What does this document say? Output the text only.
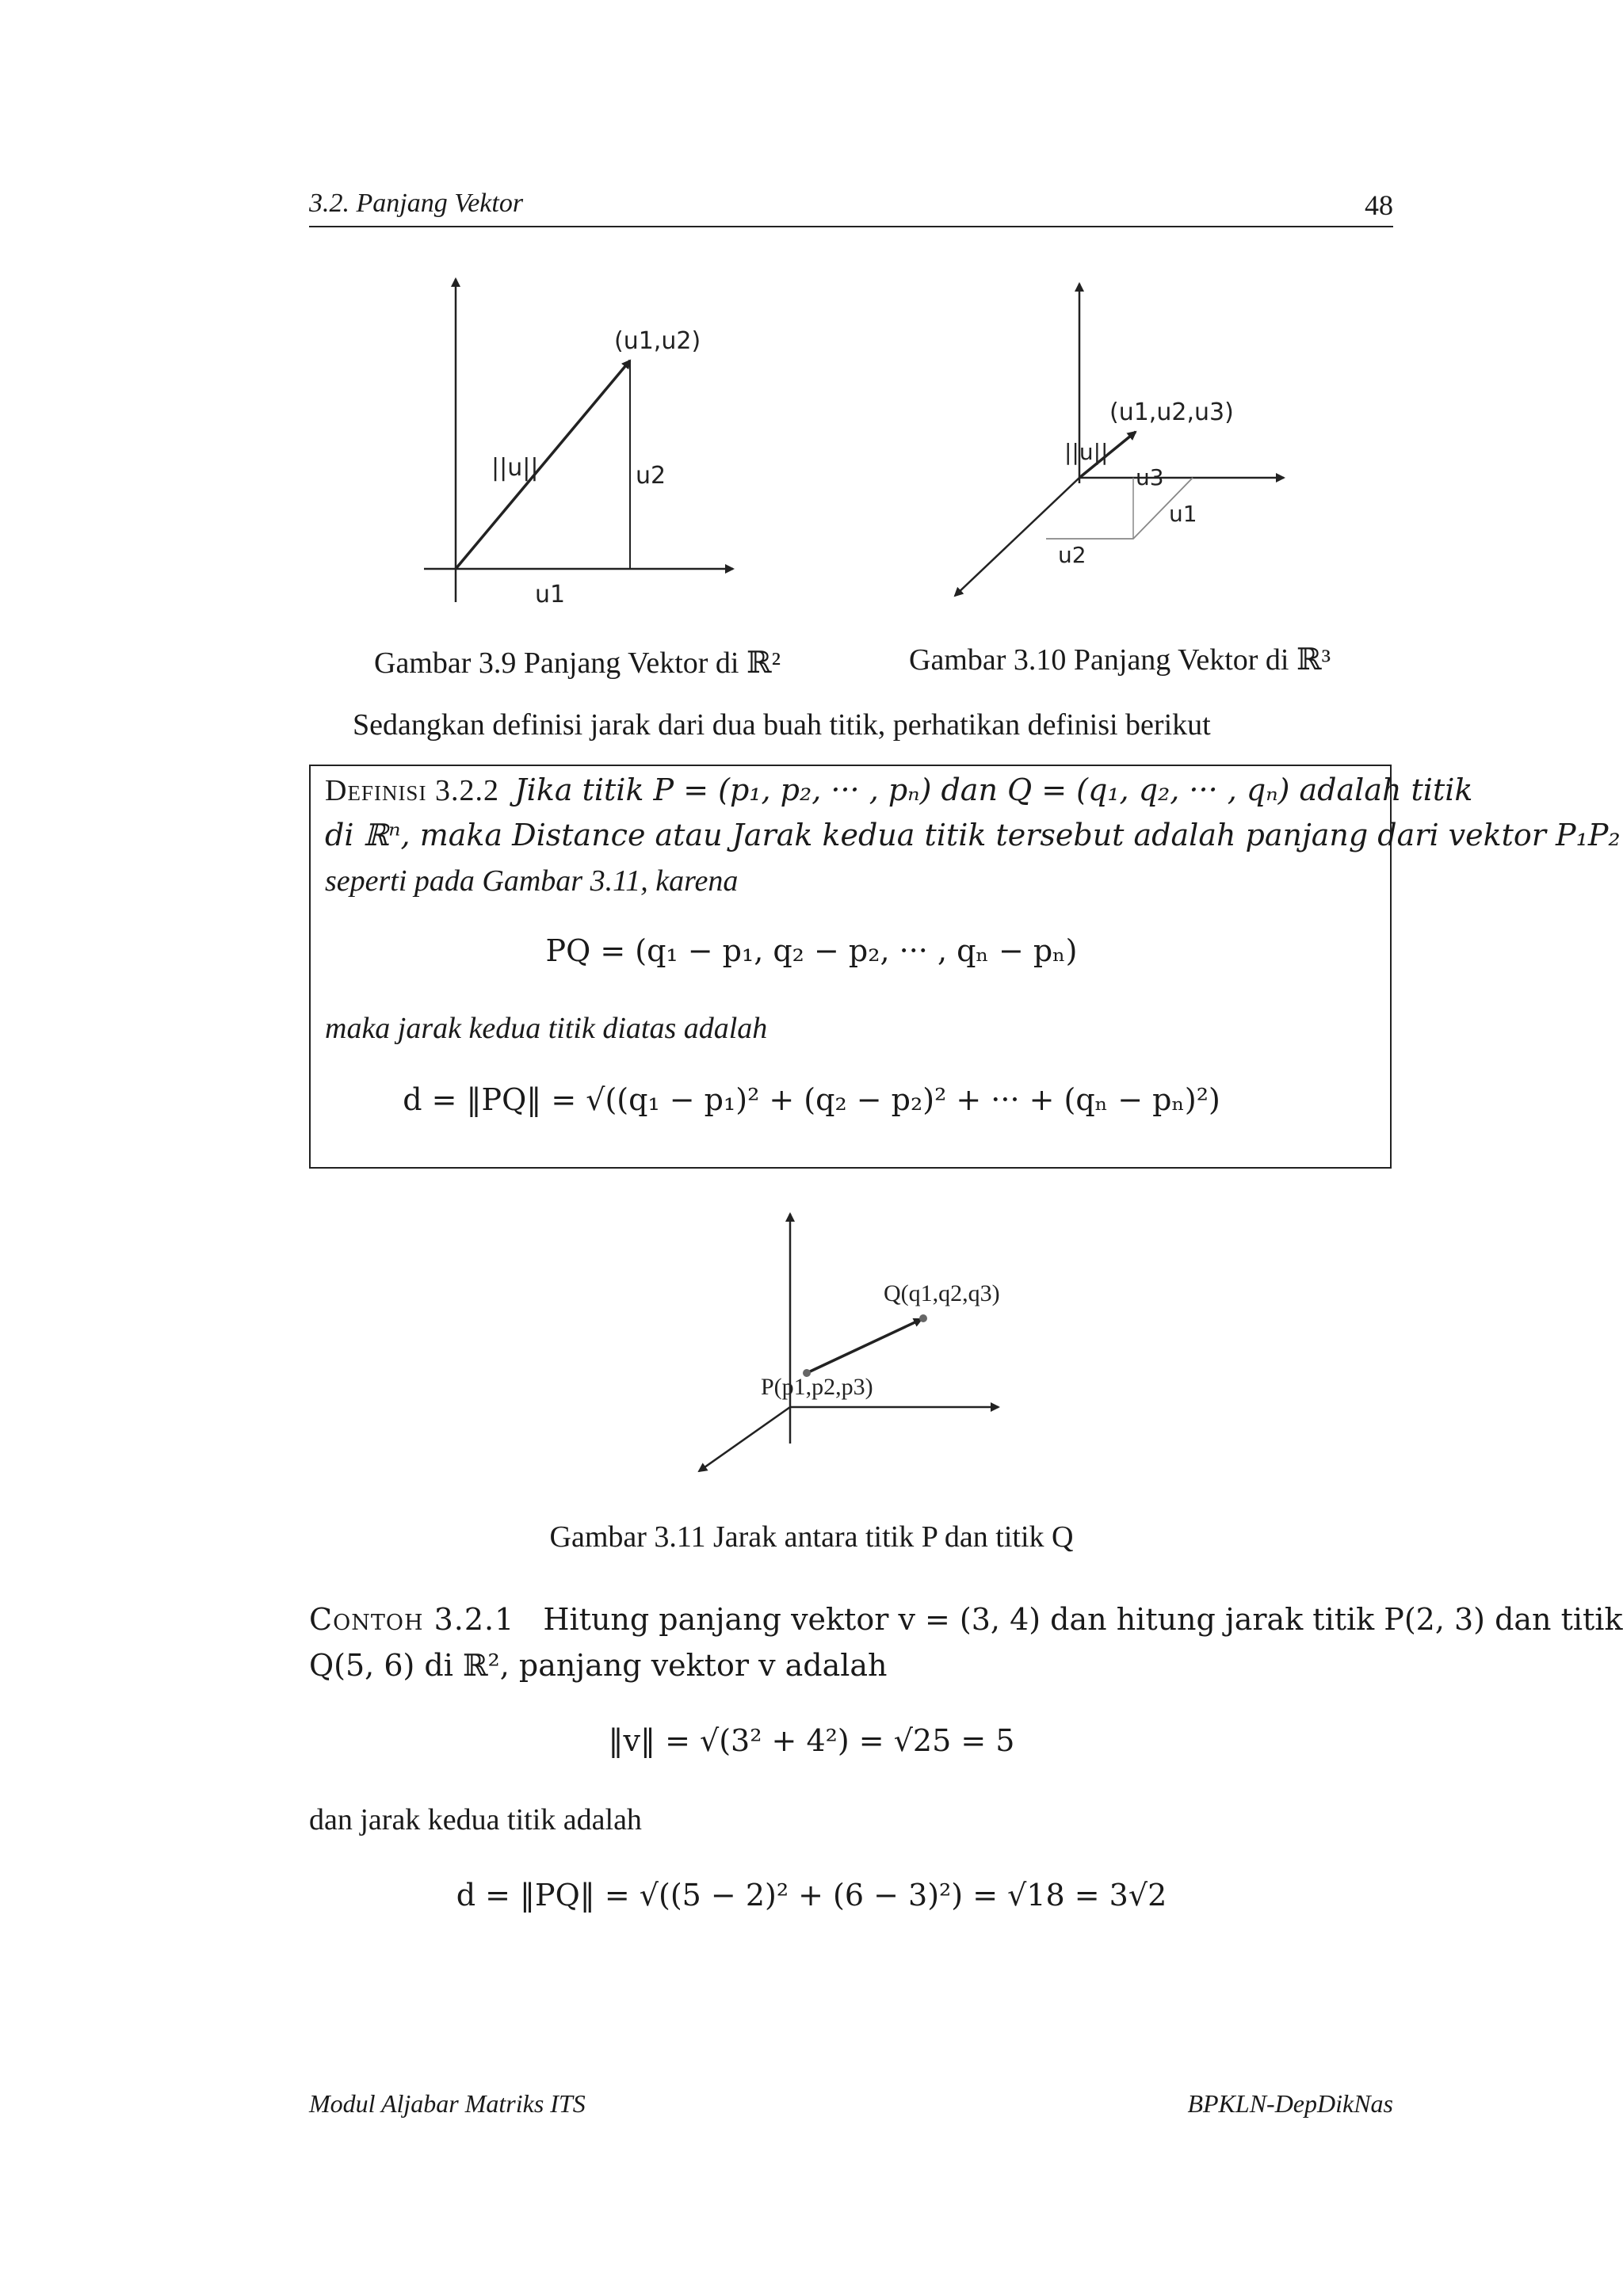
3.2. Panjang Vektor	48
(u1,u2)
||u||	u2
u1
(u1,u2,u3)
||u||
u3
u1
u2
Gambar 3.9 Panjang Vektor di ℝ²	Gambar 3.10 Panjang Vektor di ℝ³
Sedangkan definisi jarak dari dua buah titik, perhatikan definisi berikut
Definisi 3.2.2 Jika titik P = (p₁, p₂, ··· , pₙ) dan Q = (q₁, q₂, ··· , qₙ) adalah titik
di ℝⁿ, maka Distance atau Jarak kedua titik tersebut adalah panjang dari vektor P₁P₂
seperti pada Gambar 3.11, karena
PQ = (q₁ − p₁, q₂ − p₂, ··· , qₙ − pₙ)
maka jarak kedua titik diatas adalah
d = ‖PQ‖ = √((q₁ − p₁)² + (q₂ − p₂)² + ··· + (qₙ − pₙ)²)
Q(q1,q2,q3)
P(p1,p2,p3)
Gambar 3.11 Jarak antara titik P dan titik Q
Contoh 3.2.1 Hitung panjang vektor v = (3, 4) dan hitung jarak titik P(2, 3) dan titik
Q(5, 6) di ℝ², panjang vektor v adalah
‖v‖ = √(3² + 4²) = √25 = 5
dan jarak kedua titik adalah
d = ‖PQ‖ = √((5 − 2)² + (6 − 3)²) = √18 = 3√2
Modul Aljabar Matriks ITS	BPKLN-DepDikNas
